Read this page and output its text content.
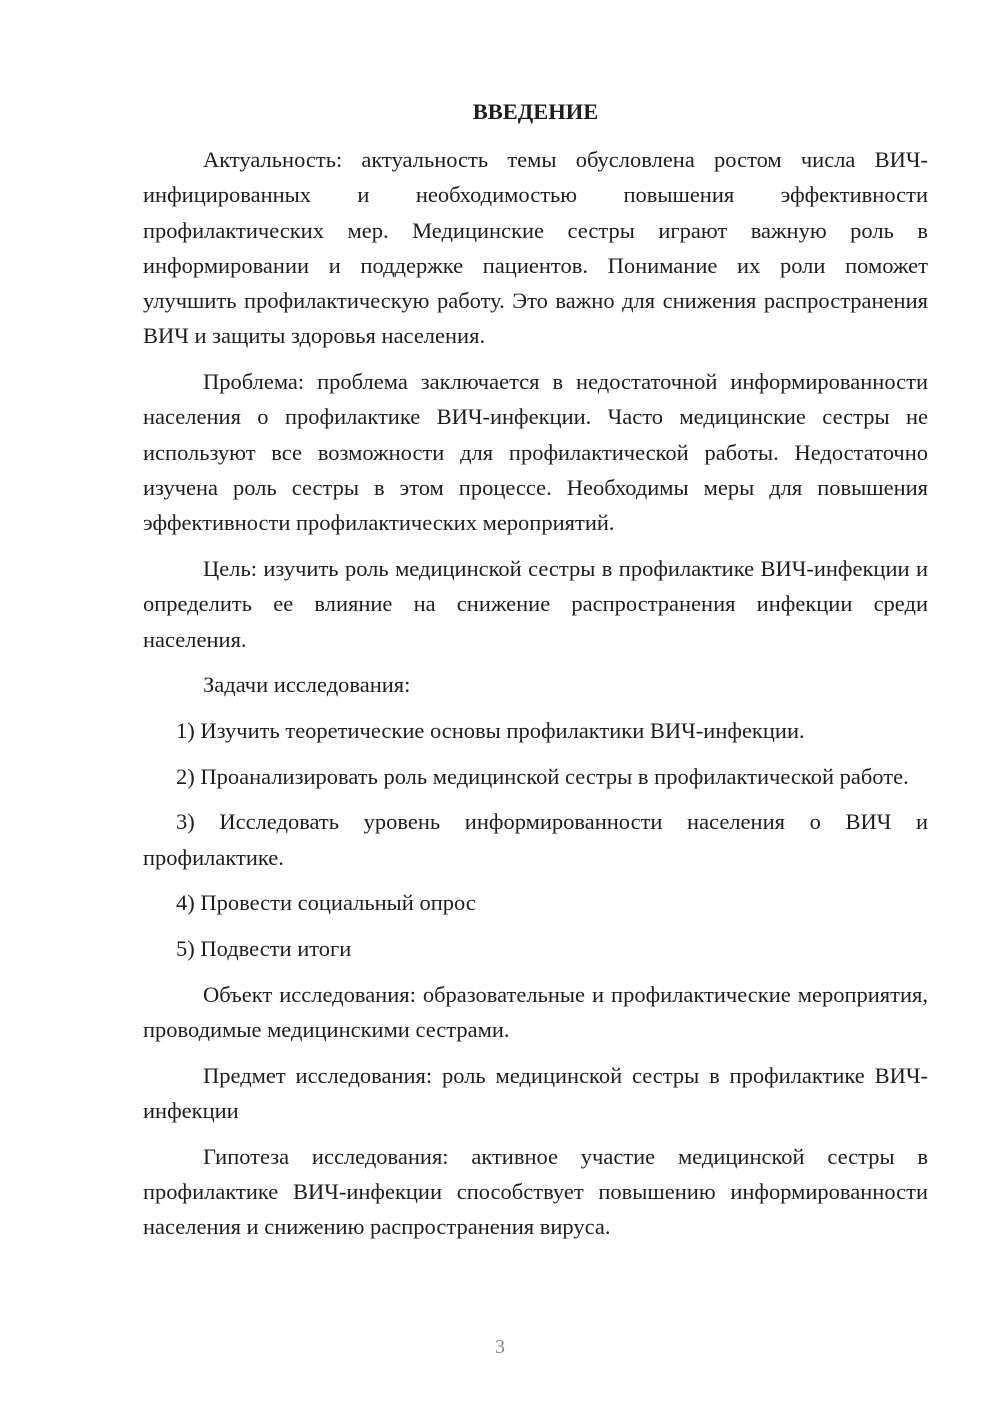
ВВЕДЕНИЕ

Актуальность: актуальность темы обусловлена ростом числа ВИЧ-инфицированных и необходимостью повышения эффективности профилактических мер. Медицинские сестры играют важную роль в информировании и поддержке пациентов. Понимание их роли поможет улучшить профилактическую работу. Это важно для снижения распространения ВИЧ и защиты здоровья населения.

Проблема: проблема заключается в недостаточной информированности населения о профилактике ВИЧ-инфекции. Часто медицинские сестры не используют все возможности для профилактической работы. Недостаточно изучена роль сестры в этом процессе. Необходимы меры для повышения эффективности профилактических мероприятий.

Цель: изучить роль медицинской сестры в профилактике ВИЧ-инфекции и определить ее влияние на снижение распространения инфекции среди населения.

Задачи исследования:

1) Изучить теоретические основы профилактики ВИЧ-инфекции.

2) Проанализировать роль медицинской сестры в профилактической работе.

3) Исследовать уровень информированности населения о ВИЧ и профилактике.

4) Провести социальный опрос

5) Подвести итоги

Объект исследования: образовательные и профилактические мероприятия, проводимые медицинскими сестрами.

Предмет исследования: роль медицинской сестры в профилактике ВИЧ-инфекции

Гипотеза исследования: активное участие медицинской сестры в профилактике ВИЧ-инфекции способствует повышению информированности населения и снижению распространения вируса.

3
